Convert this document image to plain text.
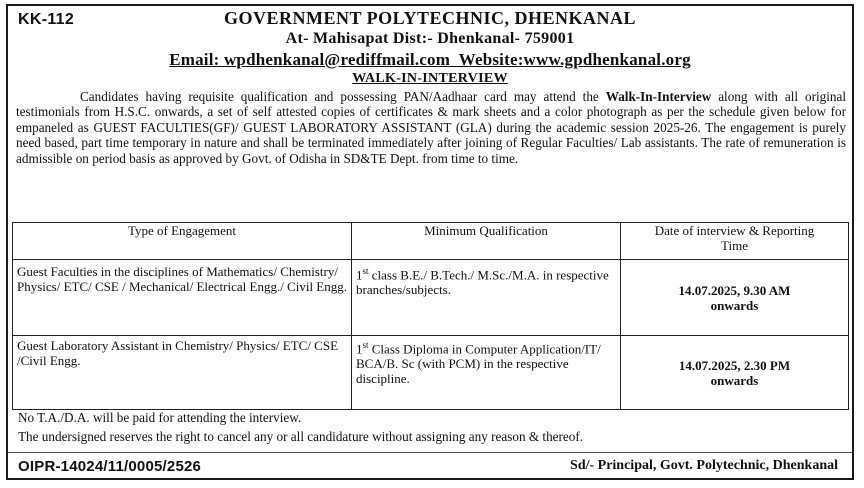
KK-112	GOVERNMENT POLYTECHNIC, DHENKANAL
At- Mahisapat Dist:- Dhenkanal- 759001
Email: wpdhenkanal@rediffmail.com  Website:www.gpdhenkanal.org
WALK-IN-INTERVIEW
Candidates having requisite qualification and possessing PAN/Aadhaar card may attend the Walk-In-Interview along with all original testimonials from H.S.C. onwards, a set of self attested copies of certificates & mark sheets and a color photograph as per the schedule given below for empaneled as GUEST FACULTIES(GF)/ GUEST LABORATORY ASSISTANT (GLA) during the academic session 2025-26. The engagement is purely need based, part time temporary in nature and shall be terminated immediately after joining of Regular Faculties/ Lab assistants. The rate of remuneration is admissible on period basis as approved by Govt. of Odisha in SD&TE Dept. from time to time.
Type of Engagement	Minimum Qualification	Date of interview & Reporting Time
Guest Faculties in the disciplines of Mathematics/ Chemistry/ Physics/ ETC/ CSE / Mechanical/ Electrical Engg./ Civil Engg.	1st class B.E./ B.Tech./ M.Sc./M.A. in respective branches/subjects.	14.07.2025, 9.30 AM
onwards

Guest Laboratory Assistant in Chemistry/ Physics/ ETC/ CSE /Civil Engg.	1st Class Diploma in Computer Application/IT/ BCA/B. Sc (with PCM) in the respective discipline.	14.07.2025, 2.30 PM
onwards
No T.A./D.A. will be paid for attending the interview.
The undersigned reserves the right to cancel any or all candidature without assigning any reason & thereof.
OIPR-14024/11/0005/2526	Sd/- Principal, Govt. Polytechnic, Dhenkanal
